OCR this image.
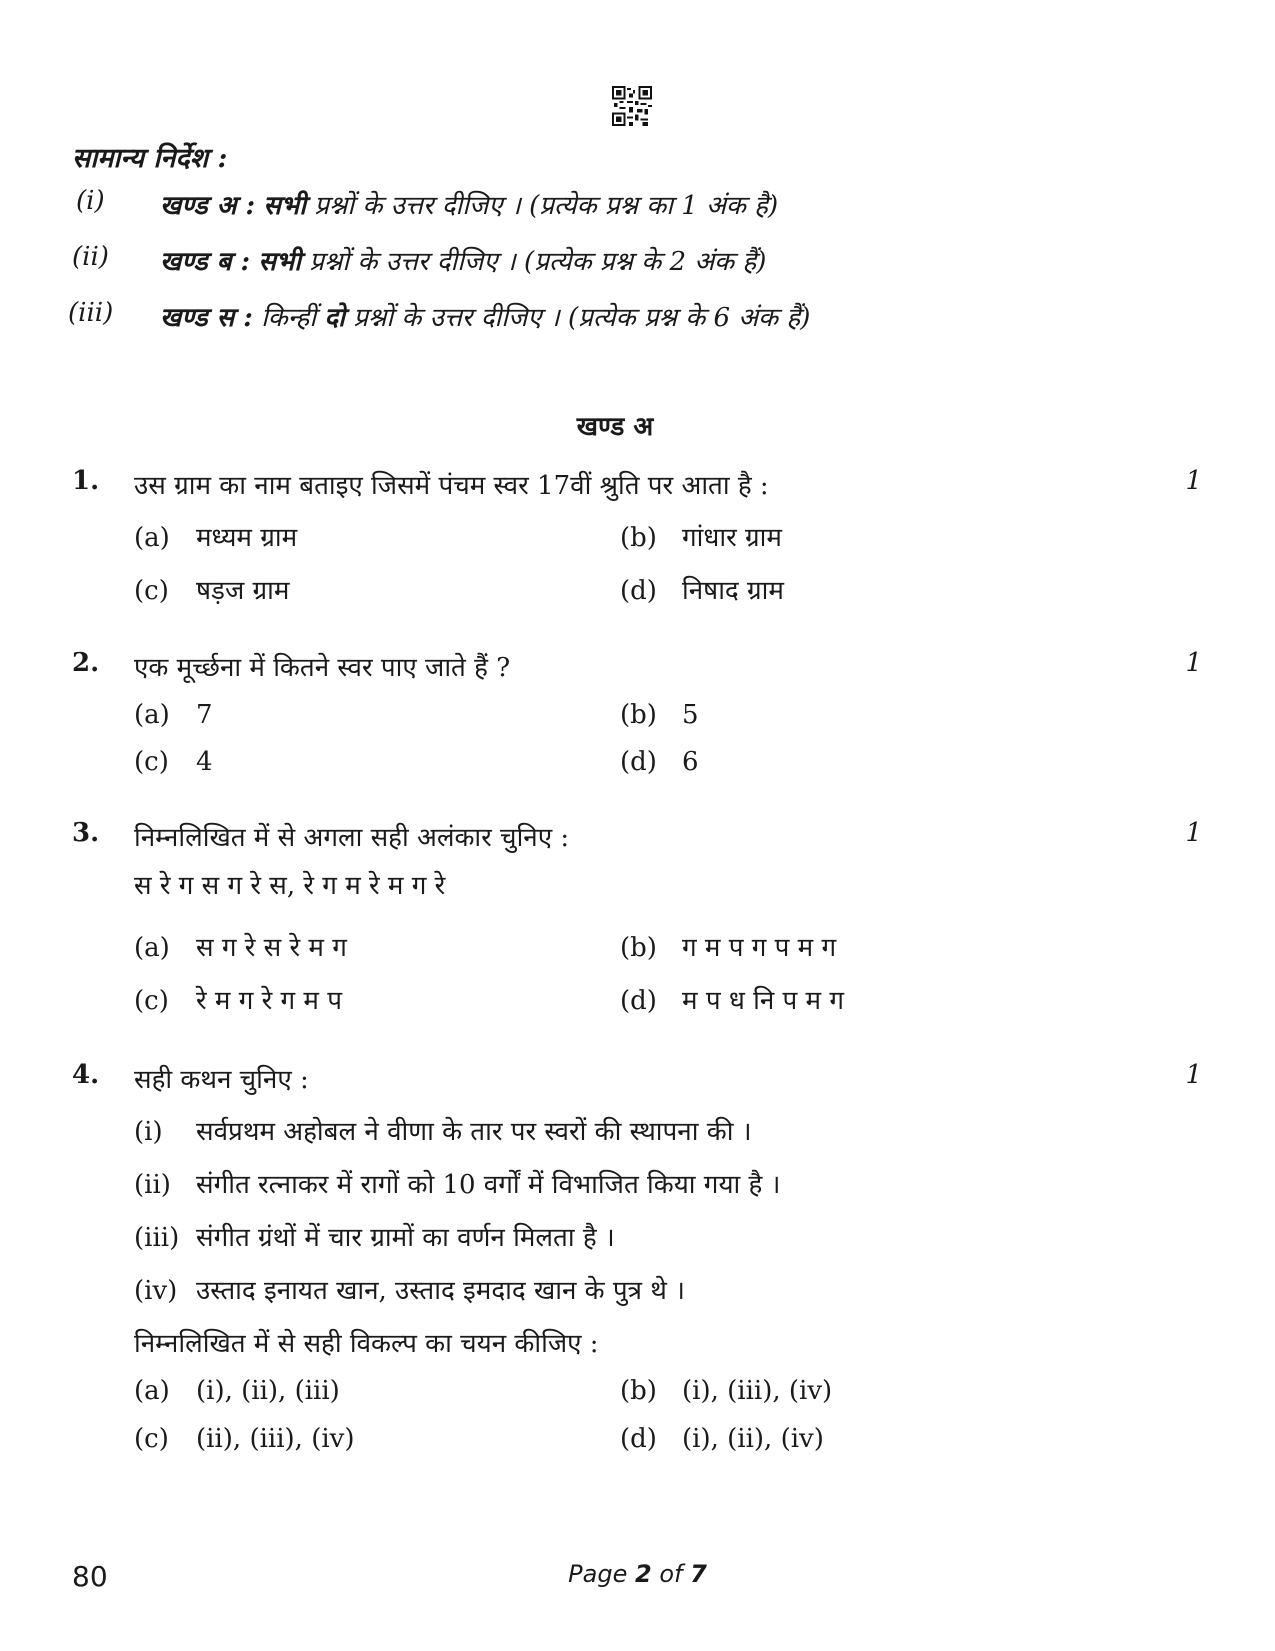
सामान्य निर्देश :
(i)	खण्ड अ : सभी प्रश्नों के उत्तर दीजिए । (प्रत्येक प्रश्न का 1 अंक है)
(ii)	खण्ड ब : सभी प्रश्नों के उत्तर दीजिए । (प्रत्येक प्रश्न के 2 अंक हैं)
(iii)	खण्ड स : किन्हीं दो प्रश्नों के उत्तर दीजिए । (प्रत्येक प्रश्न के 6 अंक हैं)
खण्ड अ
1. उस ग्राम का नाम बताइए जिसमें पंचम स्वर 17वीं श्रुति पर आता है :	1
(a) मध्यम ग्राम	(b) गांधार ग्राम
(c) षड़ज ग्राम	(d) निषाद ग्राम
2. एक मूर्च्छना में कितने स्वर पाए जाते हैं ?	1
(a) 7	(b) 5
(c) 4	(d) 6
3. निम्नलिखित में से अगला सही अलंकार चुनिए :	1
स रे ग स ग रे स, रे ग म रे म ग रे
(a) स ग रे स रे म ग	(b) ग म प ग प म ग
(c) रे म ग रे ग म प	(d) म प ध नि प म ग
4. सही कथन चुनिए :	1
(i) सर्वप्रथम अहोबल ने वीणा के तार पर स्वरों की स्थापना की ।
(ii) संगीत रत्नाकर में रागों को 10 वर्गों में विभाजित किया गया है ।
(iii) संगीत ग्रंथों में चार ग्रामों का वर्णन मिलता है ।
(iv) उस्ताद इनायत खान, उस्ताद इमदाद खान के पुत्र थे ।
निम्नलिखित में से सही विकल्प का चयन कीजिए :
(a) (i), (ii), (iii)	(b) (i), (iii), (iv)
(c) (ii), (iii), (iv)	(d) (i), (ii), (iv)
80	Page 2 of 7
